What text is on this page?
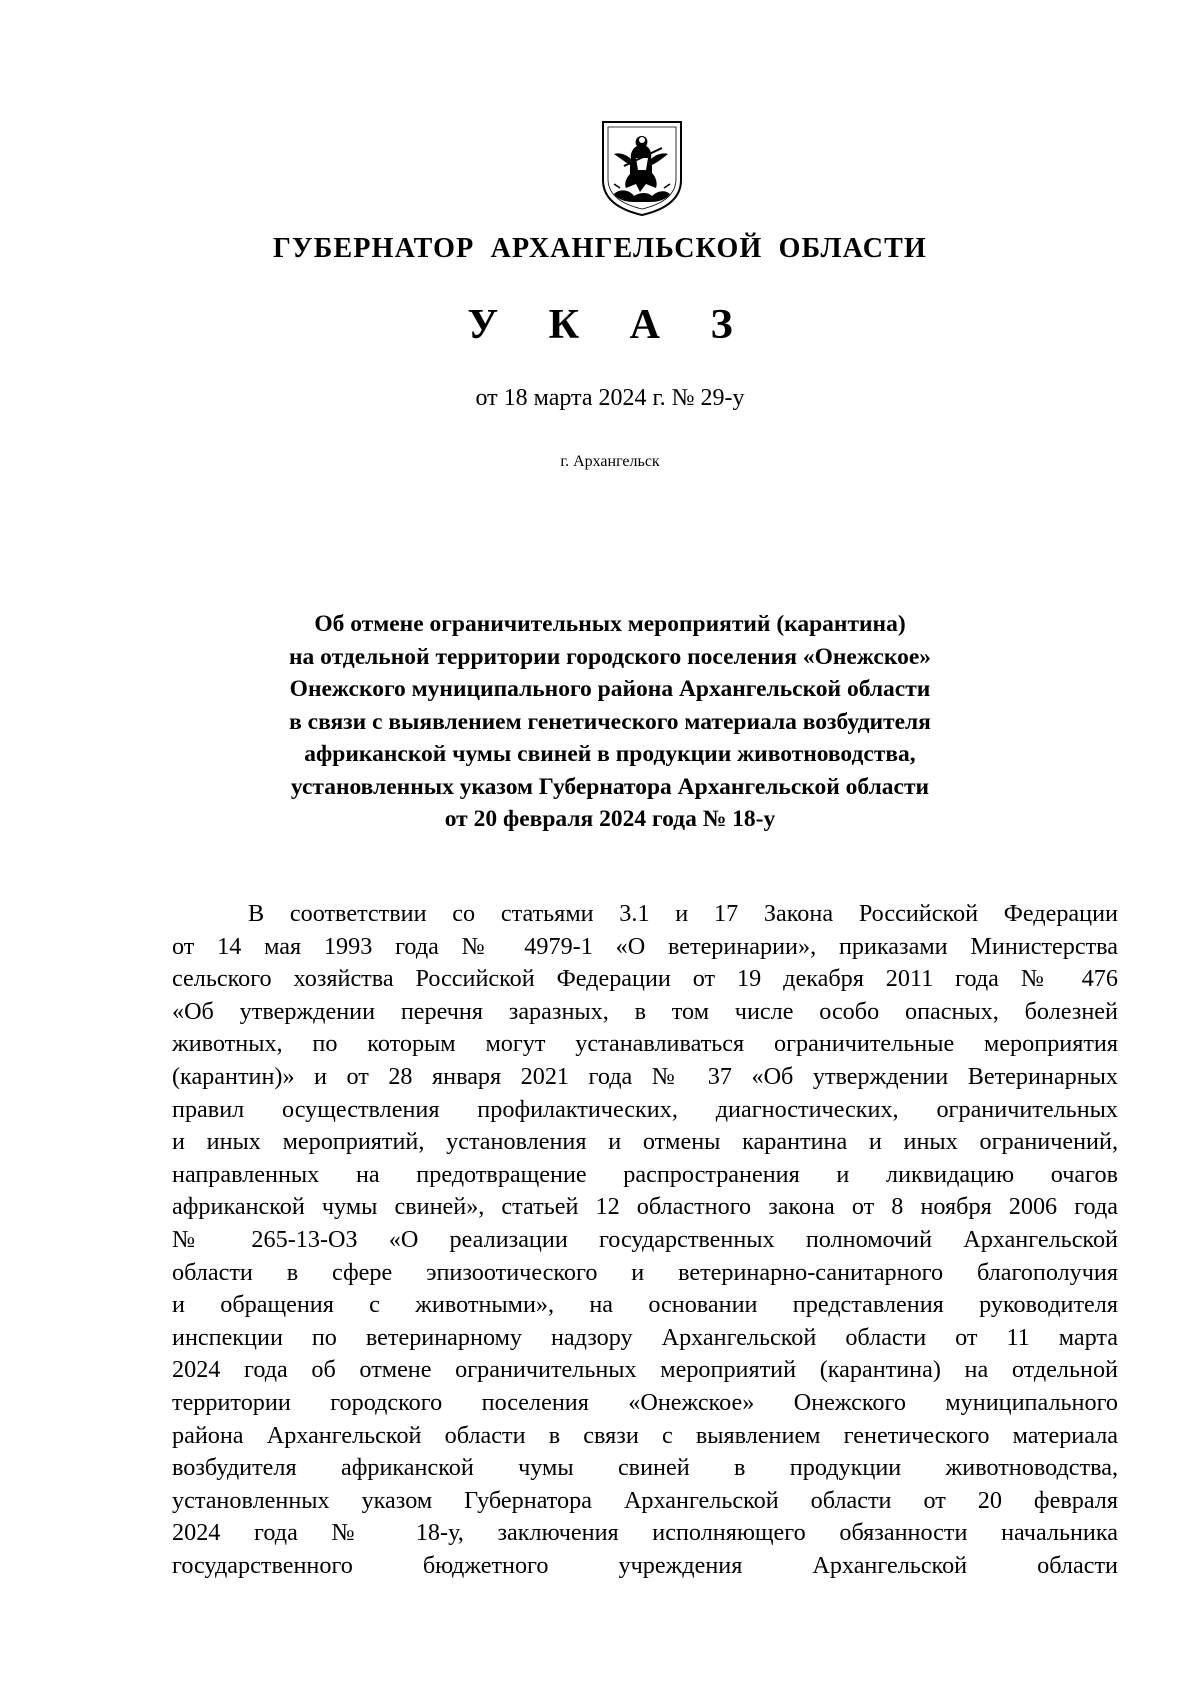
ГУБЕРНАТОР АРХАНГЕЛЬСКОЙ ОБЛАСТИ
У К А З
от 18 марта 2024 г. № 29-у
г. Архангельск
Об отмене ограничительных мероприятий (карантина)
на отдельной территории городского поселения «Онежское»
Онежского муниципального района Архангельской области
в связи с выявлением генетического материала возбудителя
африканской чумы свиней в продукции животноводства,
установленных указом Губернатора Архангельской области
от 20 февраля 2024 года № 18-у
В соответствии со статьями 3.1 и 17 Закона Российской Федерации
от 14 мая 1993 года № 4979-1 «О ветеринарии», приказами Министерства
сельского хозяйства Российской Федерации от 19 декабря 2011 года № 476
«Об утверждении перечня заразных, в том числе особо опасных, болезней
животных, по которым могут устанавливаться ограничительные мероприятия
(карантин)» и от 28 января 2021 года № 37 «Об утверждении Ветеринарных
правил осуществления профилактических, диагностических, ограничительных
и иных мероприятий, установления и отмены карантина и иных ограничений,
направленных на предотвращение распространения и ликвидацию очагов
африканской чумы свиней», статьей 12 областного закона от 8 ноября 2006 года
№ 265-13-ОЗ «О реализации государственных полномочий Архангельской
области в сфере эпизоотического и ветеринарно-санитарного благополучия
и обращения с животными», на основании представления руководителя
инспекции по ветеринарному надзору Архангельской области от 11 марта
2024 года об отмене ограничительных мероприятий (карантина) на отдельной
территории городского поселения «Онежское» Онежского муниципального
района Архангельской области в связи с выявлением генетического материала
возбудителя африканской чумы свиней в продукции животноводства,
установленных указом Губернатора Архангельской области от 20 февраля
2024 года № 18-у, заключения исполняющего обязанности начальника
государственного бюджетного учреждения Архангельской области
